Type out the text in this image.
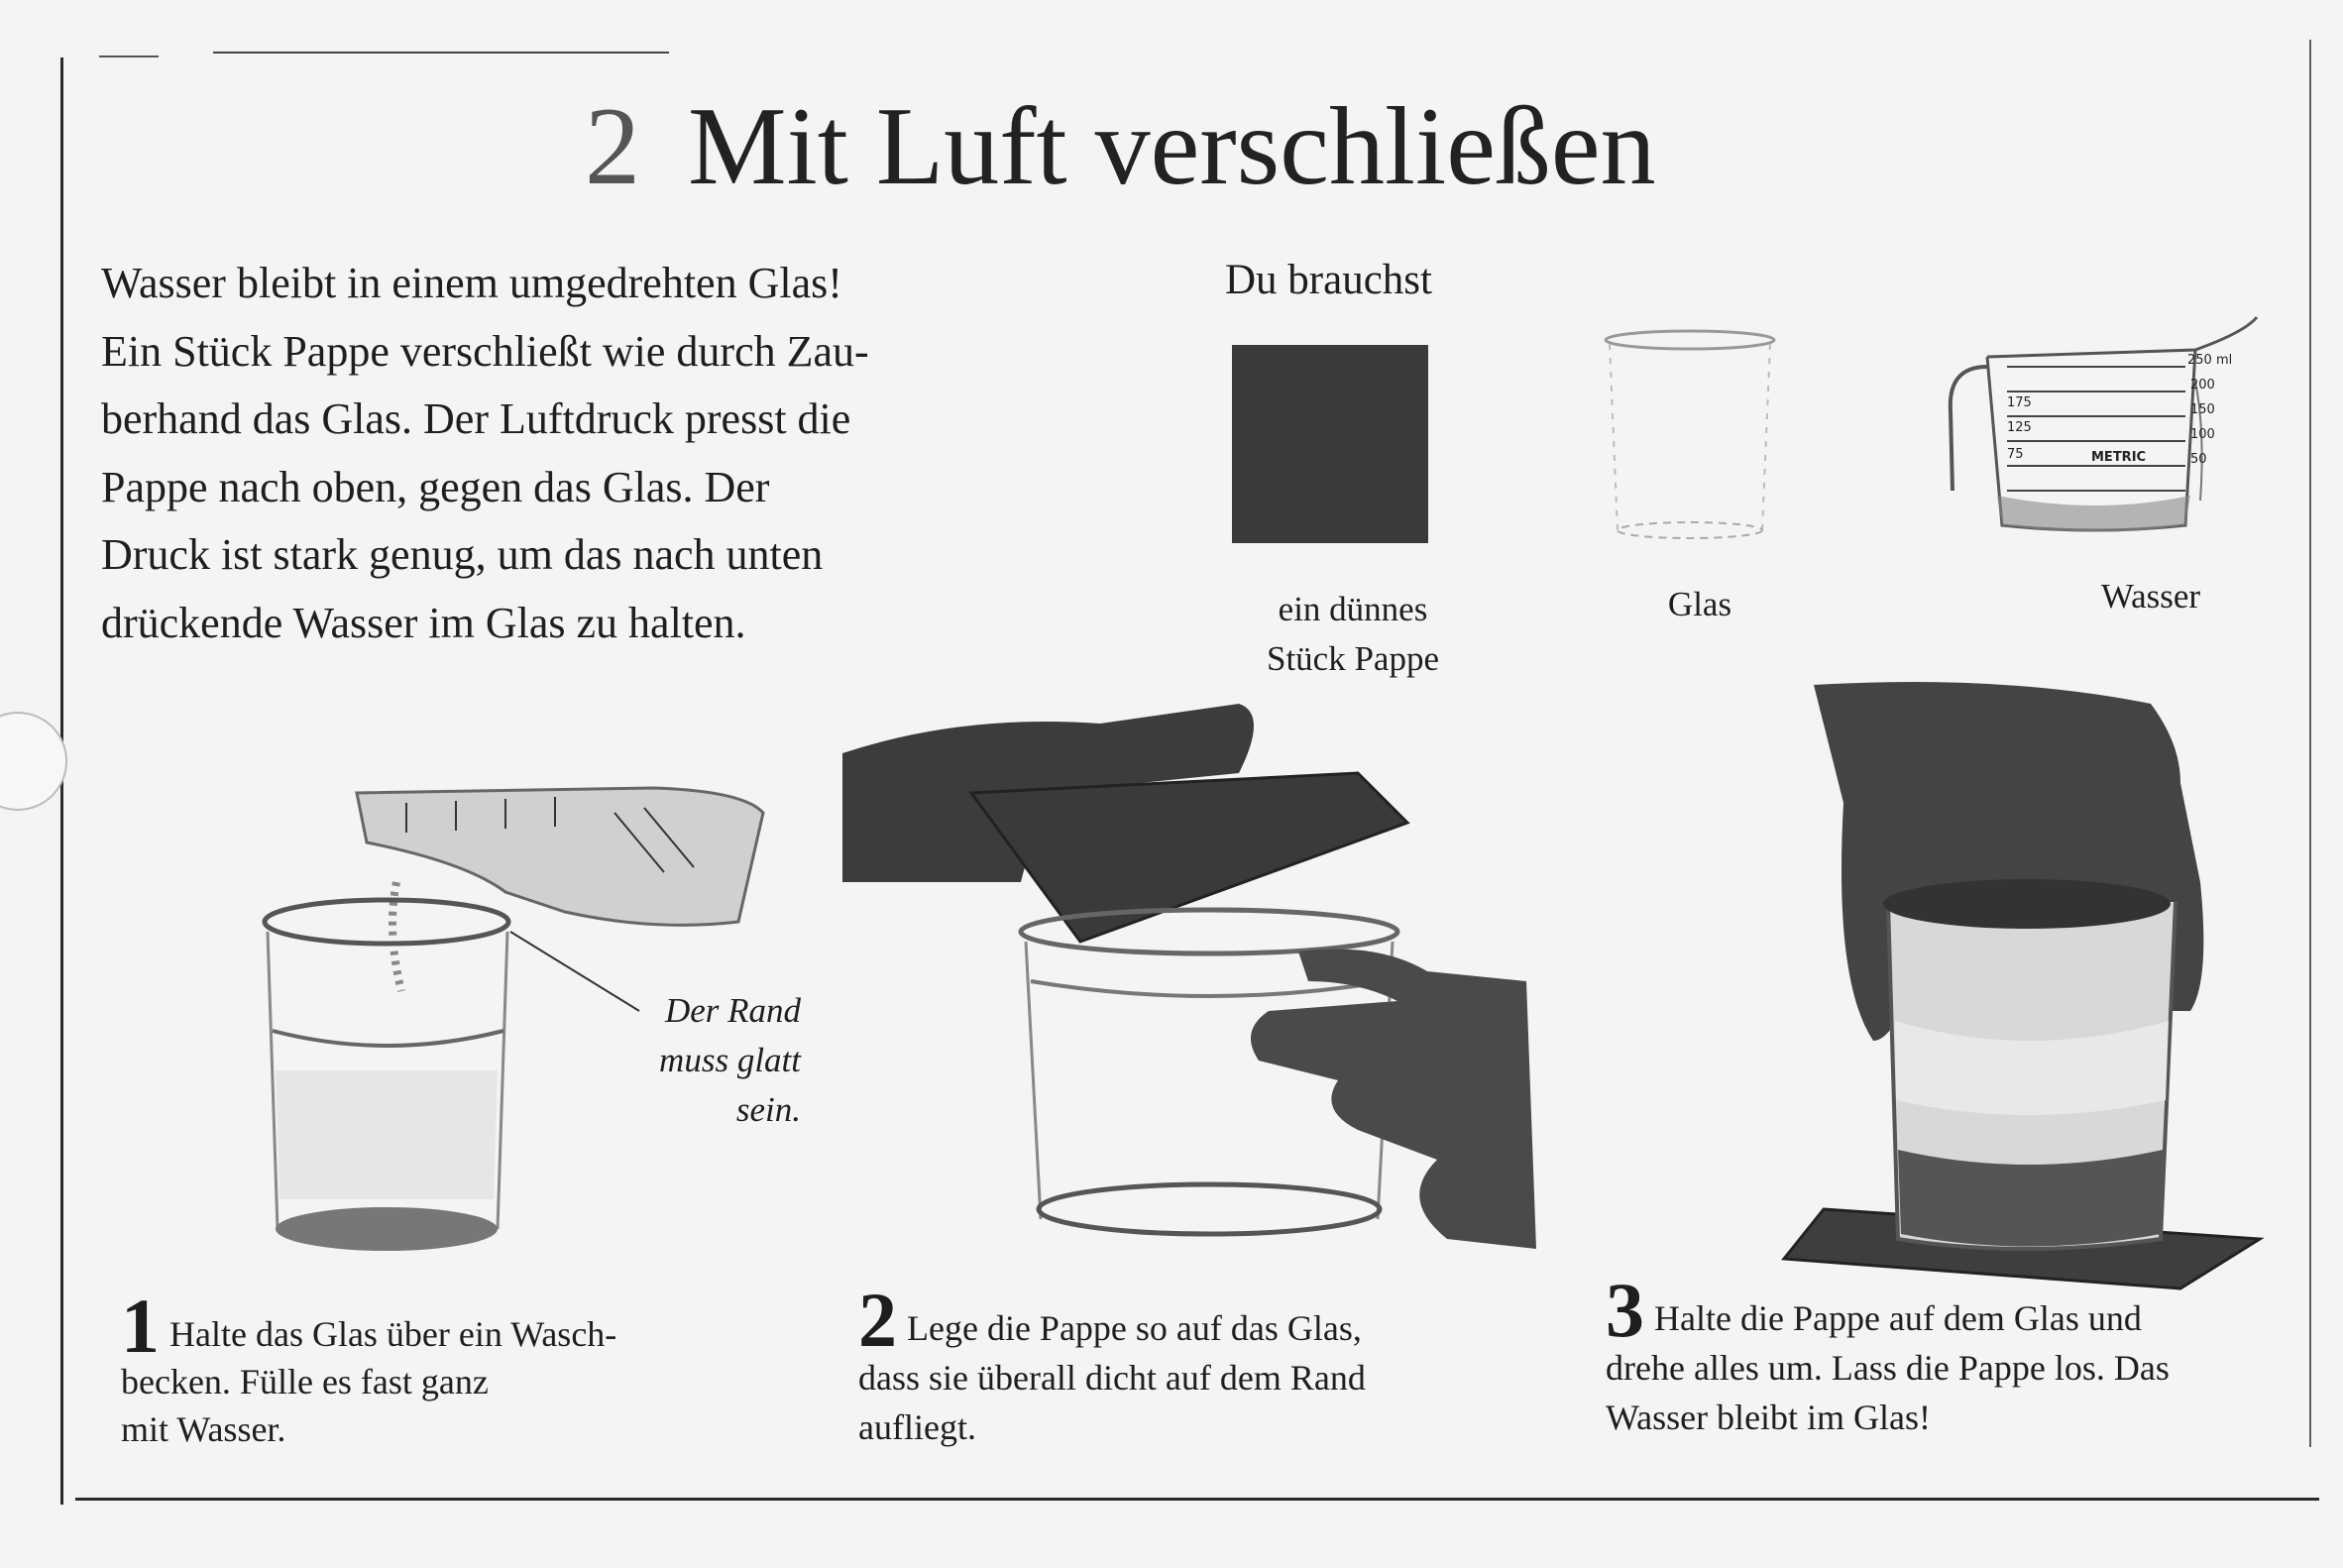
2 Mit Luft verschließen
Wasser bleibt in einem umgedrehten Glas!
Ein Stück Pappe verschließt wie durch Zau-
berhand das Glas. Der Luftdruck presst die
Pappe nach oben, gegen das Glas. Der
Druck ist stark genug, um das nach unten
drückende Wasser im Glas zu halten.
Du brauchst
250 ml
200
175	150
125	100
75	METRIC	50
ein dünnes
Stück Pappe
Glas	Wasser
Der Rand
muss glatt
sein.
1 Halte das Glas über ein Wasch-
becken. Fülle es fast ganz
mit Wasser.
2 Lege die Pappe so auf das Glas,
dass sie überall dicht auf dem Rand
aufliegt.
3 Halte die Pappe auf dem Glas und
drehe alles um. Lass die Pappe los. Das
Wasser bleibt im Glas!
